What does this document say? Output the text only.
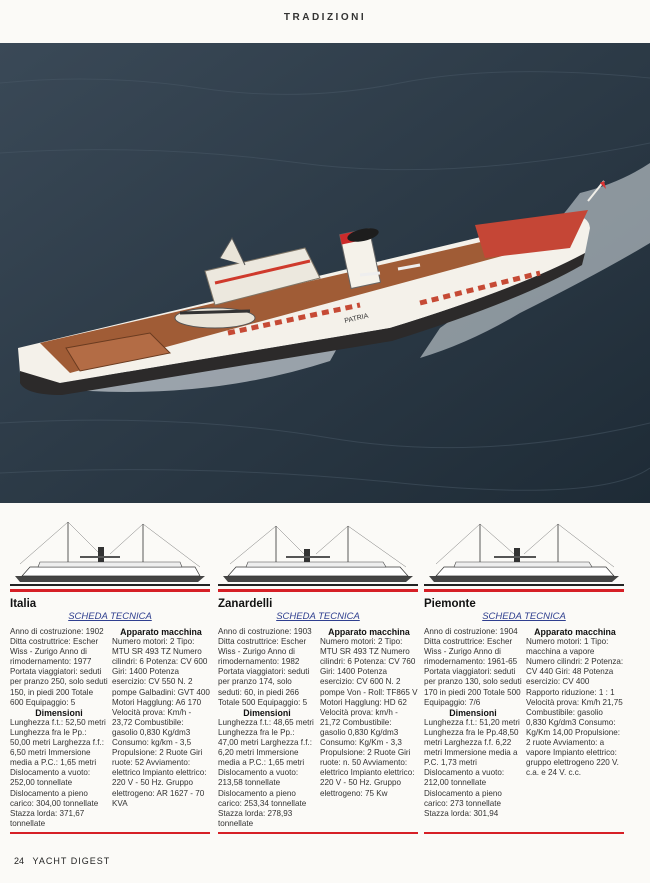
TRADIZIONI
PATRIA
Italia
SCHEDA TECNICA
Anno di costruzione: 1902 Ditta costruttrice: Escher Wiss - Zurigo Anno di rimodernamento: 1977 Portata viaggiatori: seduti per pranzo 250, solo seduti 150, in piedi 200 Totale 600 Equipaggio: 5
Dimensioni
Lunghezza f.t.: 52,50 metri Lunghezza fra le Pp.: 50,00 metri Larghezza f.f.: 6,50 metri Immersione media a P.C.: 1,65 metri Dislocamento a vuoto: 252,00 tonnellate Dislocamento a pieno carico: 304,00 tonnellate Stazza lorda: 371,67 tonnellate
Apparato macchina
Numero motori: 2 Tipo: MTU SR 493 TZ Numero cilindri: 6 Potenza: CV 600 Giri: 1400 Potenza esercizio: CV 550 N. 2 pompe Galbadini: GVT 400 Motori Hagglung: A6 170 Velocità prova: Km/h - 23,72 Combustibile: gasolio 0,830 Kg/dm3 Consumo: kg/km - 3,5 Propulsione: 2 Ruote Giri ruote: 52 Avviamento: elettrico Impianto elettrico: 220 V - 50 Hz. Gruppo elettrogeno: AR 1627 - 70 KVA
Zanardelli
SCHEDA TECNICA
Anno di costruzione: 1903 Ditta costruttrice: Escher Wiss - Zurigo Anno di rimodernamento: 1982 Portata viaggiatori: seduti per pranzo 174, solo seduti: 60, in piedi 266 Totale 500 Equipaggio: 5
Dimensioni
Lunghezza f.t.: 48,65 metri Lunghezza fra le Pp.: 47,00 metri Larghezza f.f.: 6,20 metri Immersione media a P.C.: 1,65 metri Dislocamento a vuoto: 213,58 tonnellate Dislocamento a pieno carico: 253,34 tonnellate Stazza lorda: 278,93 tonnellate
Apparato macchina
Numero motori: 2 Tipo: MTU SR 493 TZ Numero cilindri: 6 Potenza: CV 760 Giri: 1400 Potenza esercizio: CV 600 N. 2 pompe Von - Roll: TF865 V Motori Hagglung: HD 62 Velocità prova: km/h - 21,72 Combustibile: gasolio 0,830 Kg/dm3 Consumo: Kg/Km - 3,3 Propulsione: 2 Ruote Giri ruote: n. 50 Avviamento: elettrico Impianto elettrico: 220 V - 50 Hz. Gruppo elettrogeno: 75 Kw
Piemonte
SCHEDA TECNICA
Anno di costruzione: 1904 Ditta costruttrice: Escher Wiss - Zurigo Anno di rimodernamento: 1961-65 Portata viaggiatori: seduti per pranzo 130, solo seduti 170 in piedi 200 Totale 500 Equipaggio: 7/6
Dimensioni
Lunghezza f.t.: 51,20 metri Lunghezza fra le Pp.48,50 metri Larghezza f.f. 6,22 metri Immersione media a P.C. 1,73 metri Dislocamento a vuoto: 212,00 tonnellate Dislocamento a pieno carico: 273 tonnellate Stazza lorda: 301,94
Apparato macchina
Numero motori: 1 Tipo: macchina a vapore Numero cilindri: 2 Potenza: CV 440 Giri: 48 Potenza esercizio: CV 400 Rapporto riduzione: 1 : 1 Velocità prova: Km/h 21,75 Combustibile: gasolio 0,830 Kg/dm3 Consumo: Kg/Km 14,00 Propulsione: 2 ruote Avviamento: a vapore Impianto elettrico: gruppo elettrogeno 220 V. c.a. e 24 V. c.c.
24 YACHT DIGEST
